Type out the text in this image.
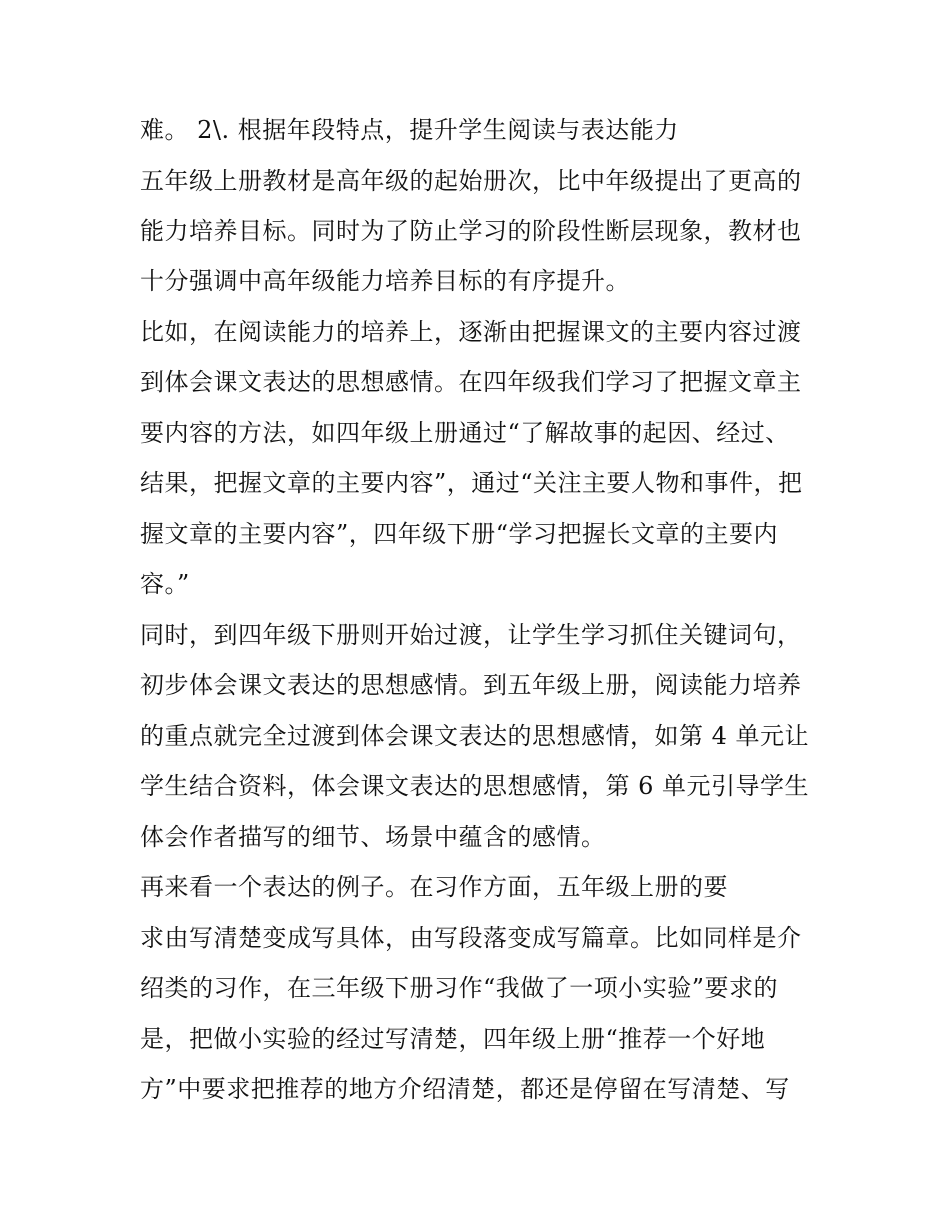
难。 2\. 根据年段特点，提升学生阅读与表达能力
五年级上册教材是高年级的起始册次，比中年级提出了更高的
能力培养目标。同时为了防止学习的阶段性断层现象，教材也
十分强调中高年级能力培养目标的有序提升。
比如，在阅读能力的培养上，逐渐由把握课文的主要内容过渡
到体会课文表达的思想感情。在四年级我们学习了把握文章主
要内容的方法，如四年级上册通过“了解故事的起因、经过、
结果，把握文章的主要内容”，通过“关注主要人物和事件，把
握文章的主要内容”，四年级下册“学习把握长文章的主要内
容。”
同时，到四年级下册则开始过渡，让学生学习抓住关键词句，
初步体会课文表达的思想感情。到五年级上册，阅读能力培养
的重点就完全过渡到体会课文表达的思想感情，如第 4 单元让
学生结合资料，体会课文表达的思想感情，第 6 单元引导学生
体会作者描写的细节、场景中蕴含的感情。
再来看一个表达的例子。在习作方面，五年级上册的要
求由写清楚变成写具体，由写段落变成写篇章。比如同样是介
绍类的习作，在三年级下册习作“我做了一项小实验”要求的
是，把做小实验的经过写清楚，四年级上册“推荐一个好地
方”中要求把推荐的地方介绍清楚，都还是停留在写清楚、写
